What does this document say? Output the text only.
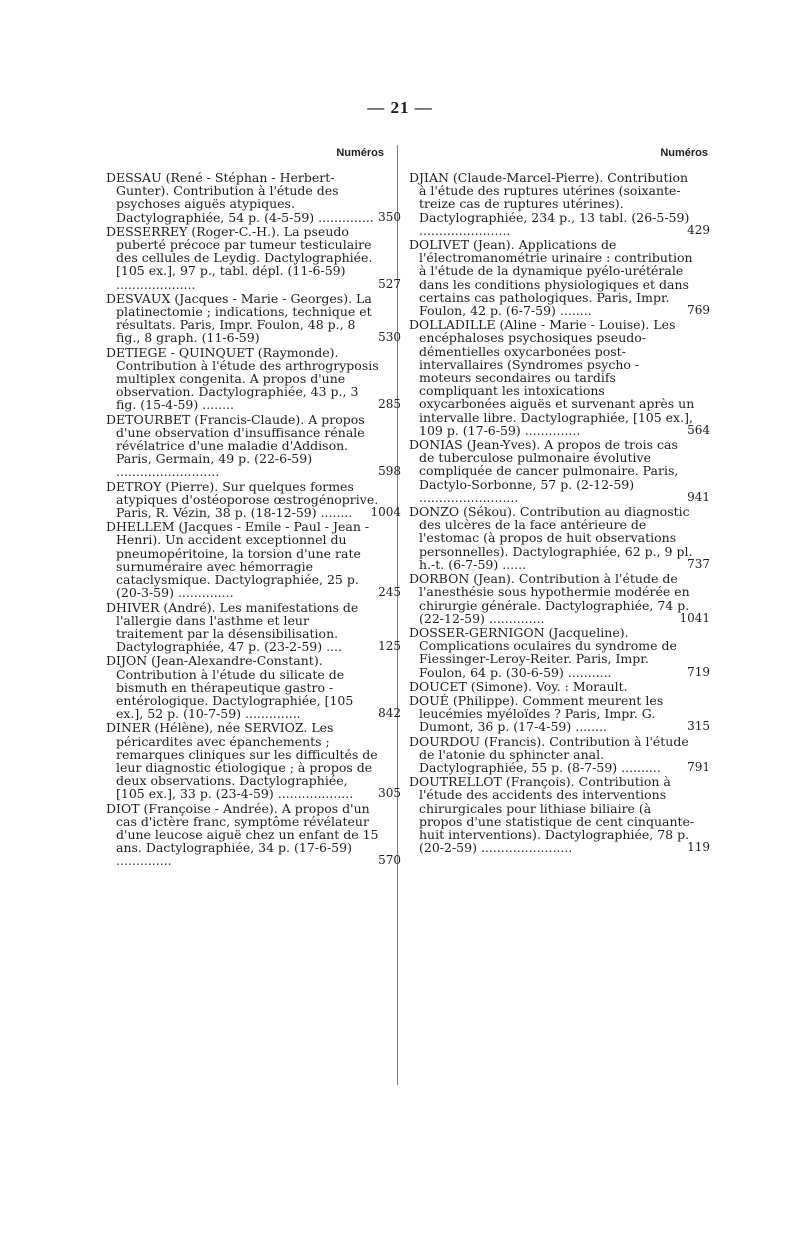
— 21 —
Numéros
DESSAU (René - Stéphan - Herbert-Gunter). Contribution à l'étude des psychoses aiguës atypiques. Dactylographiée, 54 p. (4-5-59) .............. 350
DESSERREY (Roger-C.-H.). La pseudo puberté précoce par tumeur testiculaire des cellules de Leydig. Dactylographiée. [105 ex.], 97 p., tabl. dépl. (11-6-59) ....................	527
DESVAUX (Jacques - Marie - Georges). La platinectomie ; indications, technique et résultats. Paris, Impr. Foulon, 48 p., 8 fig., 8 graph. (11-6-59)	530
DETIEGE - QUINQUET (Raymonde). Contribution à l'étude des arthrogryposis multiplex congenita. A propos d'une observation. Dactylographiée, 43 p., 3 fig. (15-4-59) ........	285
DETOURBET (Francis-Claude). A propos d'une observation d'insuffisance rénale révélatrice d'une maladie d'Addison. Paris, Germain, 49 p. (22-6-59) ..........................	598
DETROY (Pierre). Sur quelques formes atypiques d'ostéoporose œstrogénoprive. Paris, R. Vézin, 38 p. (18-12-59) ........ 1004
DHELLEM (Jacques - Emile - Paul - Jean - Henri). Un accident exceptionnel du pneumopéritoine, la torsion d'une rate surnuméraire avec hémorragie cataclysmique. Dactylographiée, 25 p. (20-3-59) ..............	245
DHIVER (André). Les manifestations de l'allergie dans l'asthme et leur traitement par la désensibilisation. Dactylographiée, 47 p. (23-2-59) ....	125
DIJON (Jean-Alexandre-Constant). Contribution à l'étude du silicate de bismuth en thérapeutique gastro - entérologique. Dactylographiée, [105 ex.], 52 p. (10-7-59) ..............	842
DINER (Hélène), née SERVIOZ. Les péricardites avec épanchements ; remarques cliniques sur les difficultés de leur diagnostic étiologique ; à propos de deux observations. Dactylographiée, [105 ex.], 33 p. (23-4-59) ................... 305
DIOT (Françoise - Andrée). A propos d'un cas d'ictère franc, symptôme révélateur d'une leucose aiguë chez un enfant de 15 ans. Dactylographiée, 34 p. (17-6-59) ..............	570
Numéros
DJIAN (Claude-Marcel-Pierre). Contribution à l'étude des ruptures utérines (soixante-treize cas de ruptures utérines). Dactylographiée, 234 p., 13 tabl. (26-5-59) .......................	429
DOLIVET (Jean). Applications de l'électromanométrie urinaire : contribution à l'étude de la dynamique pyélo-urétérale dans les conditions physiologiques et dans certains cas pathologiques. Paris, Impr. Foulon, 42 p. (6-7-59) ........	769
DOLLADILLE (Aline - Marie - Louise). Les encéphaloses psychosiques pseudo-démentielles oxycarbonées post-intervallaires (Syndromes psycho - moteurs secondaires ou tardifs compliquant les intoxications oxycarbonées aiguës et survenant après un intervalle libre. Dactylographiée, [105 ex.], 109 p. (17-6-59) ..............	564
DONIAS (Jean-Yves). A propos de trois cas de tuberculose pulmonaire évolutive compliquée de cancer pulmonaire. Paris, Dactylo-Sorbonne, 57 p. (2-12-59) .........................	941
DONZO (Sékou). Contribution au diagnostic des ulcères de la face antérieure de l'estomac (à propos de huit observations personnelles). Dactylographiée, 62 p., 9 pl. h.-t. (6-7-59) ......	737
DORBON (Jean). Contribution à l'étude de l'anesthésie sous hypothermie modérée en chirurgie générale. Dactylographiée, 74 p. (22-12-59) ..............	1041
DOSSER-GERNIGON (Jacqueline). Complications oculaires du syndrome de Fiessinger-Leroy-Reiter. Paris, Impr. Foulon, 64 p. (30-6-59) ...........	719
DOUCET (Simone). Voy. : Morault.
DOUÉ (Philippe). Comment meurent les leucémies myéloïdes ? Paris, Impr. G. Dumont, 36 p. (17-4-59) ........	315
DOURDOU (Francis). Contribution à l'étude de l'atonie du sphincter anal. Dactylographiée, 55 p. (8-7-59) .......... 791
DOUTRELLOT (François). Contribution à l'étude des accidents des interventions chirurgicales pour lithiase biliaire (à propos d'une statistique de cent cinquante-huit interventions). Dactylographiée, 78 p. (20-2-59) .......................	119
